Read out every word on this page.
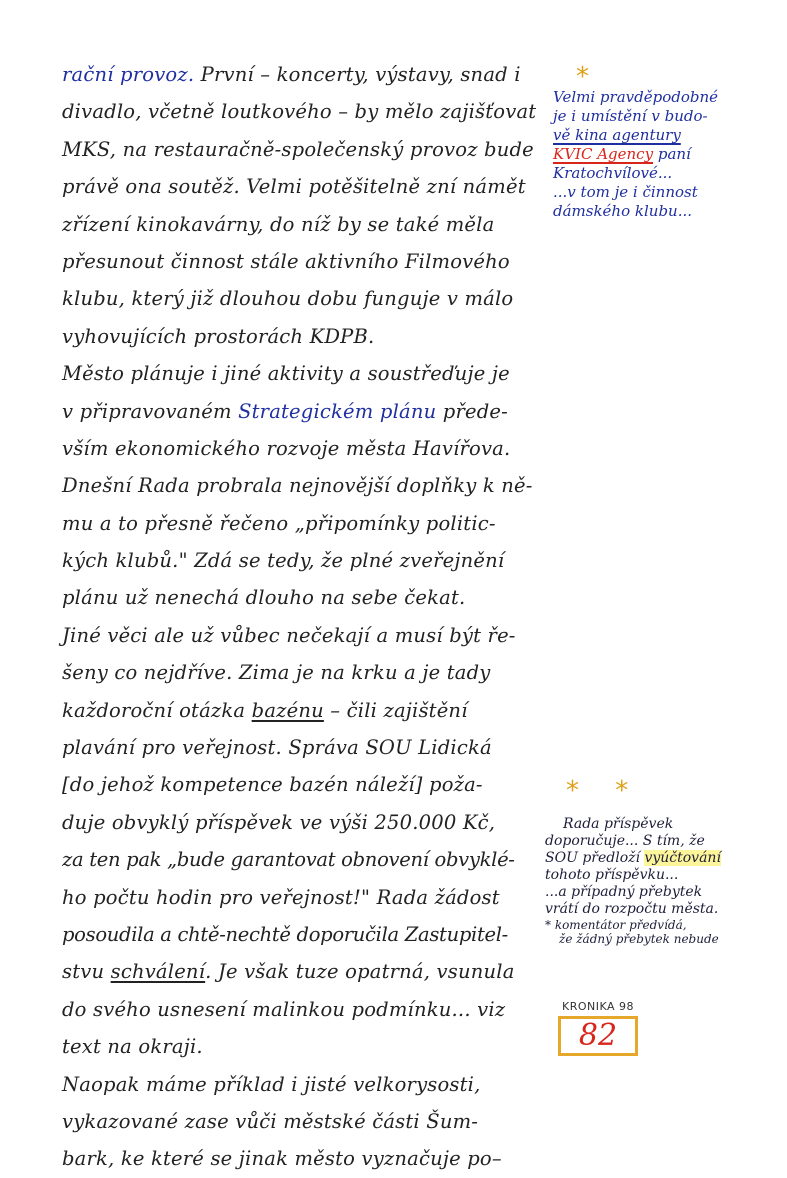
rační provoz. První – koncerty, výstavy, snad i
divadlo, včetně loutkového – by mělo zajišťovat
MKS, na restauračně-společenský provoz bude
právě ona soutěž. Velmi potěšitelně zní námět
zřízení kinokavárny, do níž by se také měla
přesunout činnost stále aktivního Filmového
klubu, který již dlouhou dobu funguje v málo
vyhovujících prostorách KDPB.
Město plánuje i jiné aktivity a soustřeďuje je
v připravovaném Strategickém plánu přede-
vším ekonomického rozvoje města Havířova.
Dnešní Rada probrala nejnovější doplňky k ně-
mu a to přesně řečeno „připomínky politic-
kých klubů." Zdá se tedy, že plné zveřejnění
plánu už nenechá dlouho na sebe čekat.
Jiné věci ale už vůbec nečekají a musí být ře-
šeny co nejdříve. Zima je na krku a je tady
každoroční otázka bazénu – čili zajištění
plavání pro veřejnost. Správa SOU Lidická
[do jehož kompetence bazén náleží] poža-
duje obvyklý příspěvek ve výši 250.000 Kč,
za ten pak „bude garantovat obnovení obvyklé-
ho počtu hodin pro veřejnost!" Rada žádost
posoudila a chtě-nechtě doporučila Zastupitel-
stvu schválení. Je však tuze opatrná, vsunula
do svého usnesení malinkou podmínku... viz
text na okraji.
Naopak máme příklad i jisté velkorysosti,
vykazované zase vůči městské části Šum-
bark, ke které se jinak město vyznačuje po–
*
Velmi pravděpodobné
je i umístění v budo-
vě kina agentury
KVIC Agency paní
Kratochvílové...
...v tom je i činnost
dámského klubu...
* *
Rada příspěvek
doporučuje... S tím, že
SOU předloží vyúčtování
tohoto příspěvku...
...a případný přebytek
vrátí do rozpočtu města.
* komentátor předvídá,
že žádný přebytek nebude
KRONIKA 98
82
